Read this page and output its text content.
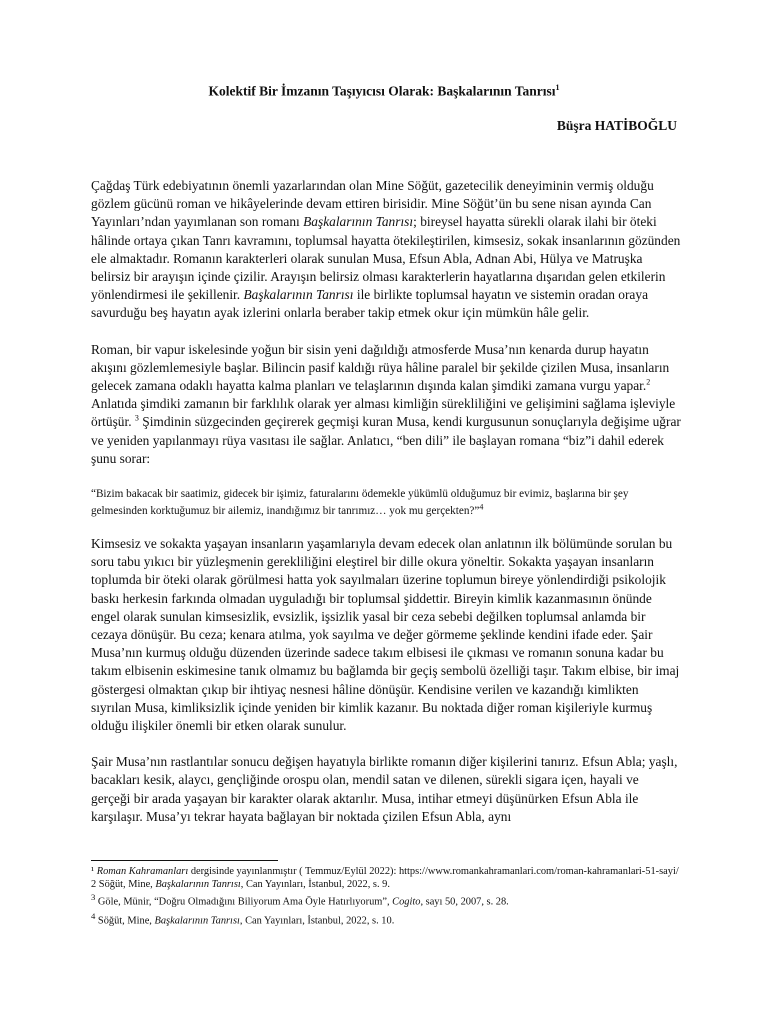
Kolektif Bir İmzanın Taşıyıcısı Olarak: Başkalarının Tanrısı$^1$
Büşra HATİBOĞLU

Çağdaş Türk edebiyatının önemli yazarlarından olan Mine Söğüt, gazetecilik deneyiminin vermiş olduğu gözlem gücünü roman ve hikâyelerinde devam ettiren birisidir. Mine Söğüt’ün bu sene nisan ayında Can Yayınları’ndan yayımlanan son romanı Başkalarının Tanrısı; bireysel hayatta sürekli olarak ilahi bir öteki hâlinde ortaya çıkan Tanrı kavramını, toplumsal hayatta ötekileştirilen, kimsesiz, sokak insanlarının gözünden ele almaktadır. Romanın karakterleri olarak sunulan Musa, Efsun Abla, Adnan Abi, Hülya ve Matruşka belirsiz bir arayışın içinde çizilir. Arayışın belirsiz olması karakterlerin hayatlarına dışarıdan gelen etkilerin yönlendirmesi ile şekillenir. Başkalarının Tanrısı ile birlikte toplumsal hayatın ve sistemin oradan oraya savurduğu beş hayatın ayak izlerini onlarla beraber takip etmek okur için mümkün hâle gelir.

Roman, bir vapur iskelesinde yoğun bir sisin yeni dağıldığı atmosferde Musa’nın kenarda durup hayatın akışını gözlemlemesiyle başlar. Bilincin pasif kaldığı rüya hâline paralel bir şekilde çizilen Musa, insanların gelecek zamana odaklı hayatta kalma planları ve telaşlarının dışında kalan şimdiki zamana vurgu yapar.$^2$ Anlatıda şimdiki zamanın bir farklılık olarak yer alması kimliğin sürekliliğini ve gelişimini sağlama işleviyle örtüşür. $^3$ Şimdinin süzgecinden geçirerek geçmişi kuran Musa, kendi kurgusunun sonuçlarıyla değişime uğrar ve yeniden yapılanmayı rüya vasıtası ile sağlar. Anlatıcı, “ben dili” ile başlayan romana “biz”i dahil ederek şunu sorar:

“Bizim bakacak bir saatimiz, gidecek bir işimiz, faturalarını ödemekle yükümlü olduğumuz bir evimiz, başlarına bir şey gelmesinden korktuğumuz bir ailemiz, inandığımız bir tanrımız… yok mu gerçekten?”$^4$

Kimsesiz ve sokakta yaşayan insanların yaşamlarıyla devam edecek olan anlatının ilk bölümünde sorulan bu soru tabu yıkıcı bir yüzleşmenin gerekliliğini eleştirel bir dille okura yöneltir. Sokakta yaşayan insanların toplumda bir öteki olarak görülmesi hatta yok sayılmaları üzerine toplumun bireye yönlendirdiği psikolojik baskı herkesin farkında olmadan uyguladığı bir toplumsal şiddettir. Bireyin kimlik kazanmasının önünde engel olarak sunulan kimsesizlik, evsizlik, işsizlik yasal bir ceza sebebi değilken toplumsal anlamda bir cezaya dönüşür. Bu ceza; kenara atılma, yok sayılma ve değer görmeme şeklinde kendini ifade eder. Şair Musa’nın kurmuş olduğu düzenden üzerinde sadece takım elbisesi ile çıkması ve romanın sonuna kadar bu takım elbisenin eskimesine tanık olmamız bu bağlamda bir geçiş sembolü özelliği taşır. Takım elbise, bir imaj göstergesi olmaktan çıkıp bir ihtiyaç nesnesi hâline dönüşür. Kendisine verilen ve kazandığı kimlikten sıyrılan Musa, kimliksizlik içinde yeniden bir kimlik kazanır. Bu noktada diğer roman kişileriyle kurmuş olduğu ilişkiler önemli bir etken olarak sunulur.

Şair Musa’nın rastlantılar sonucu değişen hayatıyla birlikte romanın diğer kişilerini tanırız. Efsun Abla; yaşlı, bacakları kesik, alaycı, gençliğinde orospu olan, mendil satan ve dilenen, sürekli sigara içen, hayali ve gerçeği bir arada yaşayan bir karakter olarak aktarılır. Musa, intihar etmeyi düşünürken Efsun Abla ile karşılaşır. Musa’yı tekrar hayata bağlayan bir noktada çizilen Efsun Abla, aynı

¹ Roman Kahramanları dergisinde yayınlanmıştır ( Temmuz/Eylül 2022): https://www.romankahramanlari.com/roman-kahramanlari-51-sayi/
2 Söğüt, Mine, Başkalarının Tanrısı, Can Yayınları, İstanbul, 2022, s. 9.
$^3$ Göle, Münir, “Doğru Olmadığını Biliyorum Ama Öyle Hatırlıyorum”, Cogito, sayı 50, 2007, s. 28.
$^4$ Söğüt, Mine, Başkalarının Tanrısı, Can Yayınları, İstanbul, 2022, s. 10.
